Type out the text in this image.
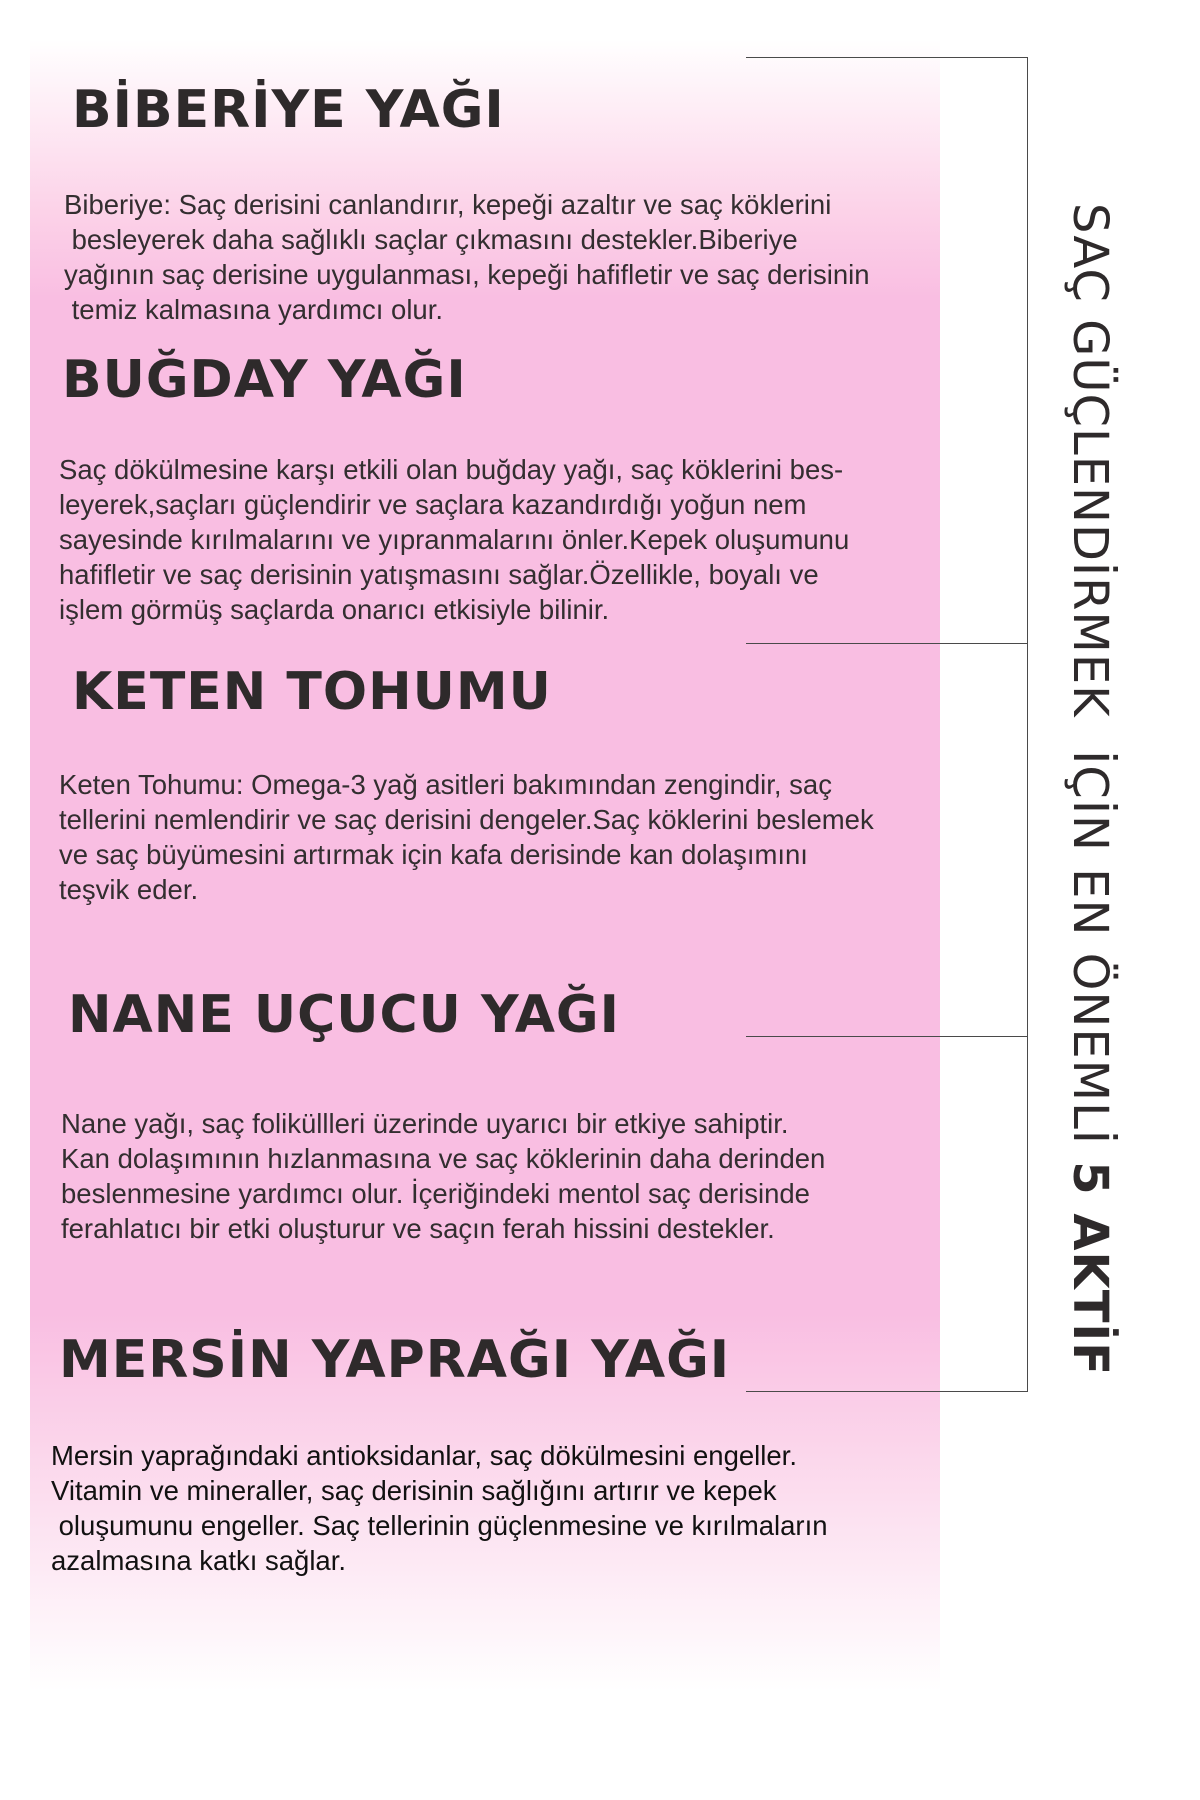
BİBERİYE YAĞI
Biberiye: Saç derisini canlandırır, kepeği azaltır ve saç köklerini
besleyerek daha sağlıklı saçlar çıkmasını destekler.Biberiye
yağının saç derisine uygulanması, kepeği hafifletir ve saç derisinin
temiz kalmasına yardımcı olur.
BUĞDAY YAĞI
Saç dökülmesine karşı etkili olan buğday yağı, saç köklerini bes-
leyerek,saçları güçlendirir ve saçlara kazandırdığı yoğun nem
sayesinde kırılmalarını ve yıpranmalarını önler.Kepek oluşumunu
hafifletir ve saç derisinin yatışmasını sağlar.Özellikle, boyalı ve
işlem görmüş saçlarda onarıcı etkisiyle bilinir.
KETEN TOHUMU
Keten Tohumu: Omega-3 yağ asitleri bakımından zengindir, saç
tellerini nemlendirir ve saç derisini dengeler.Saç köklerini beslemek
ve saç büyümesini artırmak için kafa derisinde kan dolaşımını
teşvik eder.
NANE UÇUCU YAĞI
Nane yağı, saç foliküllleri üzerinde uyarıcı bir etkiye sahiptir.
Kan dolaşımının hızlanmasına ve saç köklerinin daha derinden
beslenmesine yardımcı olur. İçeriğindeki mentol saç derisinde
ferahlatıcı bir etki oluşturur ve saçın ferah hissini destekler.
MERSİN YAPRAĞI YAĞI
Mersin yaprağındaki antioksidanlar, saç dökülmesini engeller.
Vitamin ve mineraller, saç derisinin sağlığını artırır ve kepek
oluşumunu engeller. Saç tellerinin güçlenmesine ve kırılmaların
azalmasına katkı sağlar.
SAÇ GÜÇLENDİRMEK  İÇİN EN ÖNEMLİ 5 AKTİF
